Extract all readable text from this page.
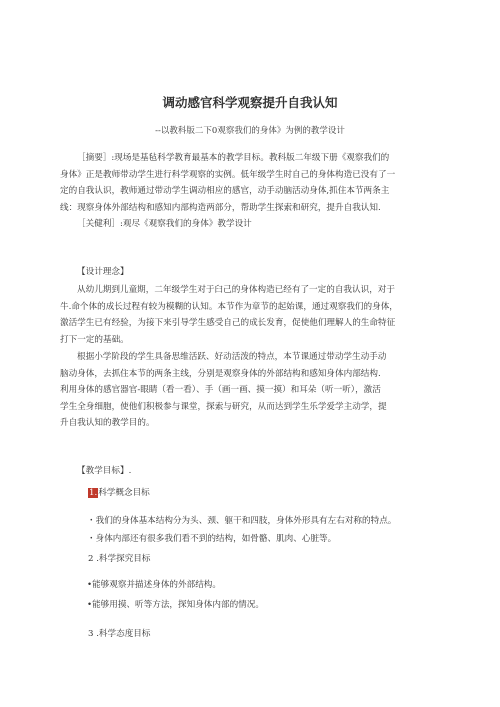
调动感官科学观察提升自我认知
--以教科版二下0观察我们的身体》为例的教学设计
［摘要］:现场是基毡科学教育最基本的教学目标。教科版二年级下册《观察我们的
身体》正是教师带动学生进行科学观察的实例。低年级学生时自己的身体构造已没有了一
定的自我认识，教师通过带动学生调动相应的感官，动手动脑活动身体,抓住本节两条主
线：现察身体外部结构和感知内部构造两部分，帮助学生探索和研究，提升自我认知.
［关健利］:观尽《观察我们的身体》教学设计
【设计理念】
从幼儿期到儿童期，二年级学生对于臼己的身体构造已经有了一定的自我认识，对于
牛.命个体的成长过程有较为模糊的认知。本节作为章节的起始课，通过观察我们的身体，
激活学生已有经验，为接下来引导学生感受自己的成长发育，促使他们理解人的生命特征
打下一定的基础。
根据小学阶段的学生具备思维活跃、好动活泼的特点，本节课通过带动学生动手动
脑动身体，去抓住本节的两条主线，分别是观察身体的外部结构和感知身体内部结构.
利用身体的感官器官-眼睛（看一看）、手（画一画、摸一摸）和耳朵（听一听），激活
学生全身细胞，使他们积极参与课堂，探索与研究，从而达到学生乐学爱学主动学，提
升自我认知的教学目的。
【教学目标】.
1.科学概念目标
・我们的身体基本结构分为头、颈、躯干和四肢，身体外形具有左右对称的特点。
・身体内部还有很多我们看不到的结构，如骨骼、肌肉、心脏等。
2 .科学探究目标
•能够观察并描述身体的外部结构。
•能够用摸、听等方法，探知身体内部的情况。
3 .科学态度目标
